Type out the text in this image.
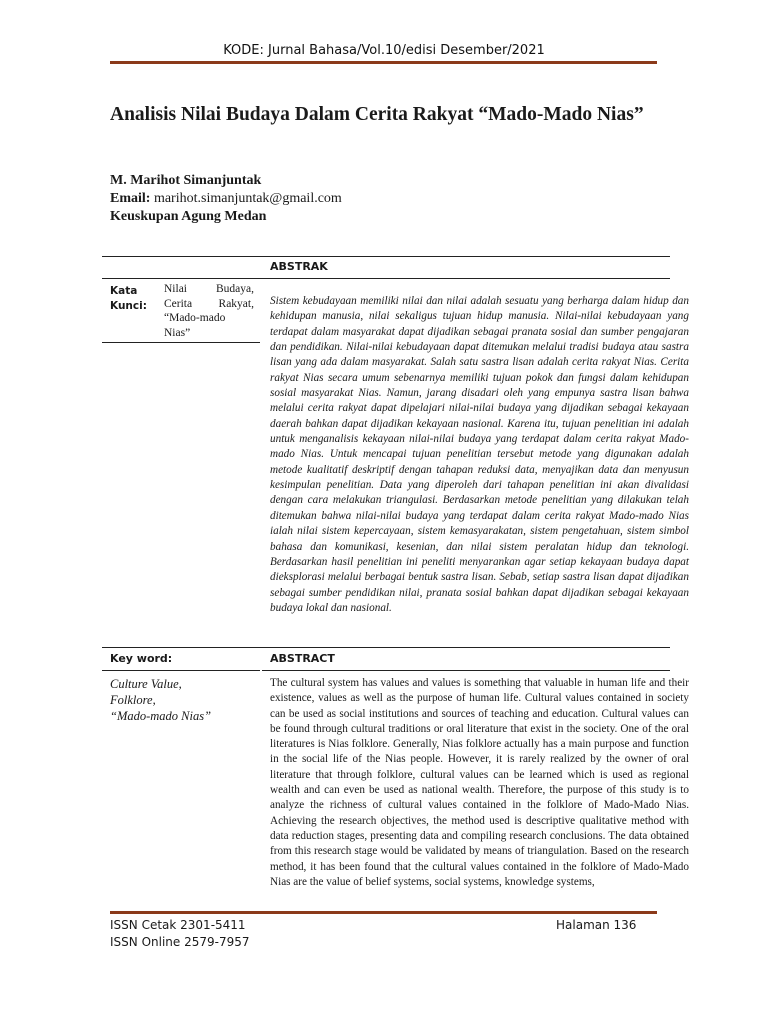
KODE: Jurnal Bahasa/Vol.10/edisi Desember/2021
Analisis Nilai Budaya Dalam Cerita Rakyat “Mado-Mado Nias”
M. Marihot Simanjuntak
Email: marihot.simanjuntak@gmail.com
Keuskupan Agung Medan
ABSTRAK
Kata Kunci:
Nilai Budaya, Cerita Rakyat, “Mado-mado Nias”
Sistem kebudayaan memiliki nilai dan nilai adalah sesuatu yang berharga dalam hidup dan kehidupan manusia, nilai sekaligus tujuan hidup manusia. Nilai-nilai kebudayaan yang terdapat dalam masyarakat dapat dijadikan sebagai pranata sosial dan sumber pengajaran dan pendidikan. Nilai-nilai kebudayaan dapat ditemukan melalui tradisi budaya atau sastra lisan yang ada dalam masyarakat. Salah satu sastra lisan adalah cerita rakyat Nias. Cerita rakyat Nias secara umum sebenarnya memiliki tujuan pokok dan fungsi dalam kehidupan sosial masyarakat Nias. Namun, jarang disadari oleh yang empunya sastra lisan bahwa melalui cerita rakyat dapat dipelajari nilai-nilai budaya yang dijadikan sebagai kekayaan daerah bahkan dapat dijadikan kekayaan nasional. Karena itu, tujuan penelitian ini adalah untuk menganalisis kekayaan nilai-nilai budaya yang terdapat dalam cerita rakyat Mado-mado Nias. Untuk mencapai tujuan penelitian tersebut metode yang digunakan adalah metode kualitatif deskriptif dengan tahapan reduksi data, menyajikan data dan menyusun kesimpulan penelitian. Data yang diperoleh dari tahapan penelitian ini akan divalidasi dengan cara melakukan triangulasi. Berdasarkan metode penelitian yang dilakukan telah ditemukan bahwa nilai-nilai budaya yang terdapat dalam cerita rakyat Mado-mado Nias ialah nilai sistem kepercayaan, sistem kemasyarakatan, sistem pengetahuan, sistem simbol bahasa dan komunikasi, kesenian, dan nilai sistem peralatan hidup dan teknologi. Berdasarkan hasil penelitian ini peneliti menyarankan agar setiap kekayaan budaya dapat dieksplorasi melalui berbagai bentuk sastra lisan. Sebab, setiap sastra lisan dapat dijadikan sebagai sumber pendidikan nilai, pranata sosial bahkan dapat dijadikan sebagai kekayaan budaya lokal dan nasional.
Key word:	ABSTRACT
Culture Value,
Folklore,
“Mado-mado Nias”
The cultural system has values and values is something that valuable in human life and their existence, values as well as the purpose of human life. Cultural values contained in society can be used as social institutions and sources of teaching and education. Cultural values can be found through cultural traditions or oral literature that exist in the society. One of the oral literatures is Nias folklore. Generally, Nias folklore actually has a main purpose and function in the social life of the Nias people. However, it is rarely realized by the owner of oral literature that through folklore, cultural values can be learned which is used as regional wealth and can even be used as national wealth. Therefore, the purpose of this study is to analyze the richness of cultural values contained in the folklore of Mado-Mado Nias. Achieving the research objectives, the method used is descriptive qualitative method with data reduction stages, presenting data and compiling research conclusions. The data obtained from this research stage would be validated by means of triangulation. Based on the research method, it has been found that the cultural values contained in the folklore of Mado-Mado Nias are the value of belief systems, social systems, knowledge systems,
ISSN Cetak 2301-5411
ISSN Online 2579-7957
Halaman 136
